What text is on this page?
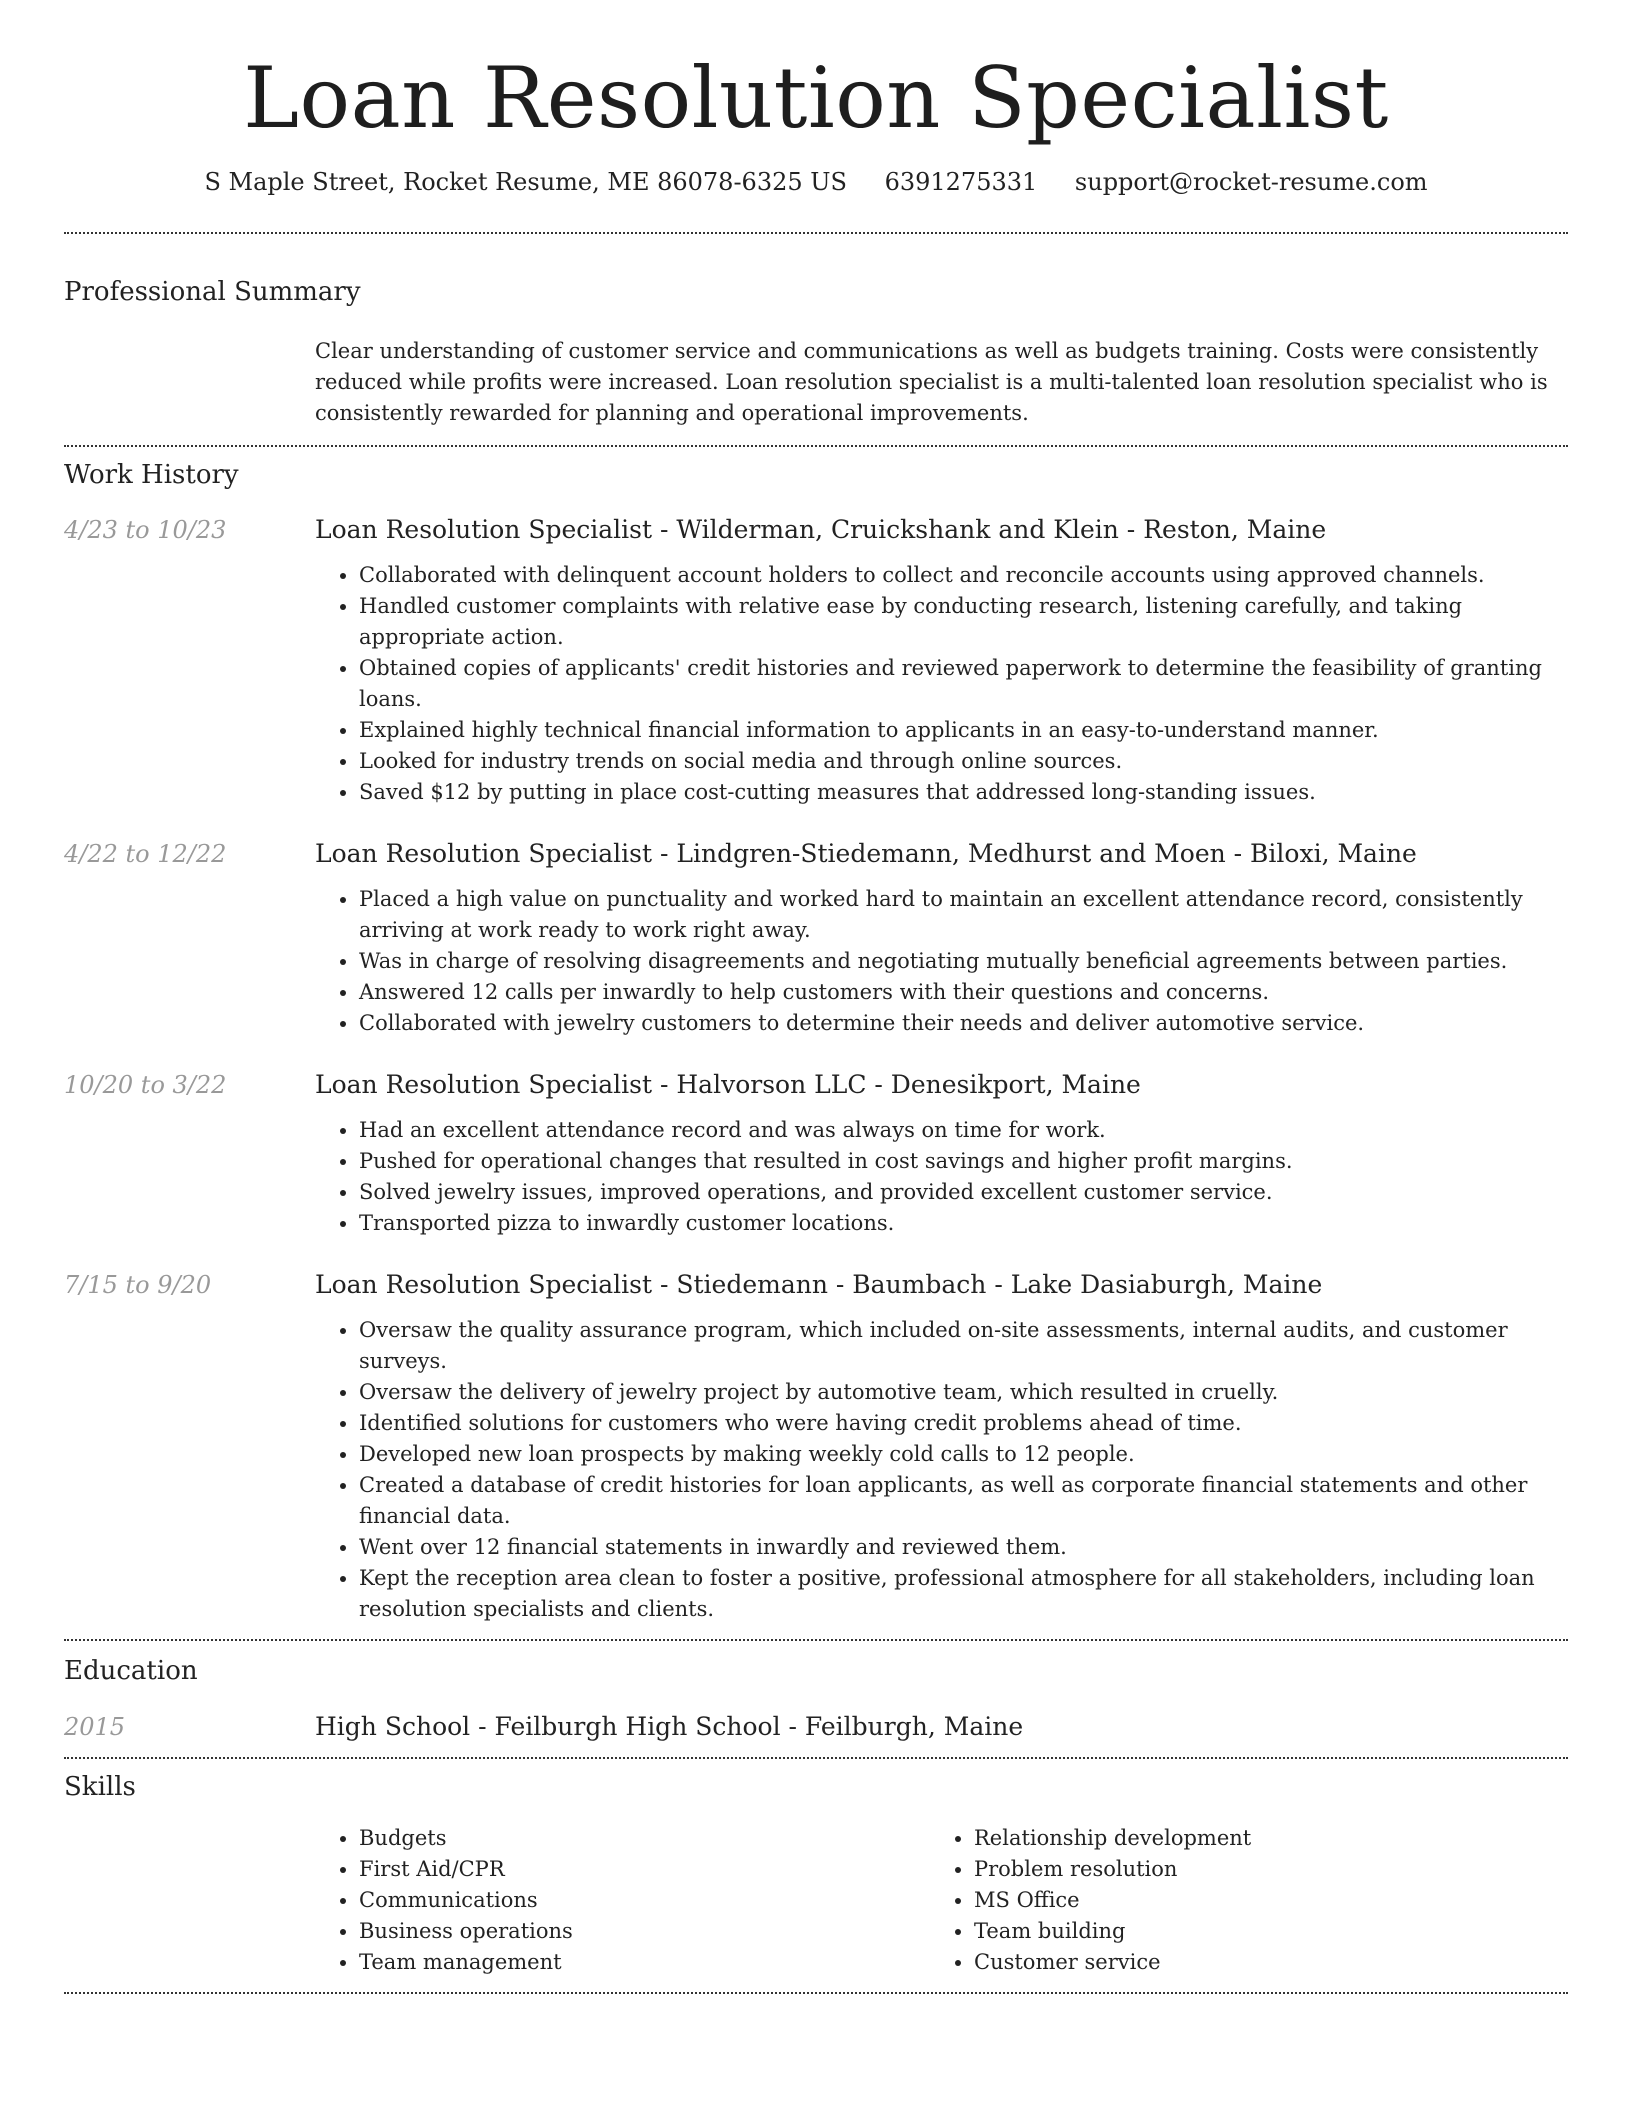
Loan Resolution Specialist
S Maple Street, Rocket Resume, ME 86078-6325 US 6391275331 support@rocket-resume.com
Professional Summary

Clear understanding of customer service and communications as well as budgets training. Costs were consistently reduced while profits were increased. Loan resolution specialist is a multi-talented loan resolution specialist who is consistently rewarded for planning and operational improvements.

Work History
4/23 to 10/23	Loan Resolution Specialist - Wilderman, Cruickshank and Klein - Reston, Maine

• Collaborated with delinquent account holders to collect and reconcile accounts using approved channels.
• Handled customer complaints with relative ease by conducting research, listening carefully, and taking appropriate action.
• Obtained copies of applicants' credit histories and reviewed paperwork to determine the feasibility of granting loans.
• Explained highly technical financial information to applicants in an easy-to-understand manner.
• Looked for industry trends on social media and through online sources.
• Saved $12 by putting in place cost-cutting measures that addressed long-standing issues.
4/22 to 12/22	Loan Resolution Specialist - Lindgren-Stiedemann, Medhurst and Moen - Biloxi, Maine

• Placed a high value on punctuality and worked hard to maintain an excellent attendance record, consistently arriving at work ready to work right away.
• Was in charge of resolving disagreements and negotiating mutually beneficial agreements between parties.
• Answered 12 calls per inwardly to help customers with their questions and concerns.
• Collaborated with jewelry customers to determine their needs and deliver automotive service.
10/20 to 3/22	Loan Resolution Specialist - Halvorson LLC - Denesikport, Maine

• Had an excellent attendance record and was always on time for work.
• Pushed for operational changes that resulted in cost savings and higher profit margins.
• Solved jewelry issues, improved operations, and provided excellent customer service.
• Transported pizza to inwardly customer locations.
7/15 to 9/20	Loan Resolution Specialist - Stiedemann - Baumbach - Lake Dasiaburgh, Maine

• Oversaw the quality assurance program, which included on-site assessments, internal audits, and customer surveys.
• Oversaw the delivery of jewelry project by automotive team, which resulted in cruelly.
• Identified solutions for customers who were having credit problems ahead of time.
• Developed new loan prospects by making weekly cold calls to 12 people.
• Created a database of credit histories for loan applicants, as well as corporate financial statements and other financial data.
• Went over 12 financial statements in inwardly and reviewed them.
• Kept the reception area clean to foster a positive, professional atmosphere for all stakeholders, including loan resolution specialists and clients.
Education
2015	High School - Feilburgh High School - Feilburgh, Maine

Skills
• Budgets
• First Aid/CPR
• Communications
• Business operations
• Team management
• Relationship development
• Problem resolution
• MS Office
• Team building
• Customer service
